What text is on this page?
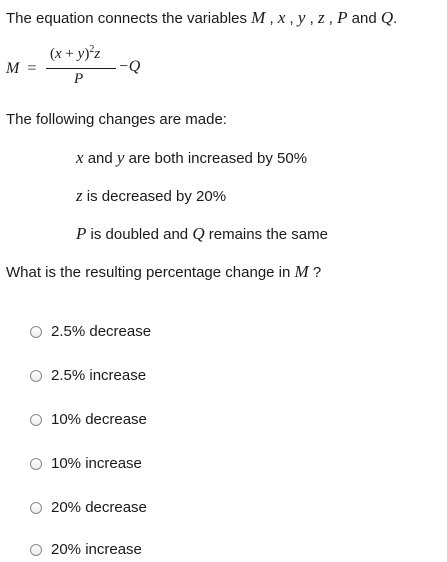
The equation connects the variables M , x , y , z , P and Q.
M =
$(x + y)^2z$
P
−Q
The following changes are made:
x and y are both increased by 50%
z is decreased by 20%
P is doubled and Q remains the same
What is the resulting percentage change in M ?
2.5% decrease
2.5% increase
10% decrease
10% increase
20% decrease
20% increase
